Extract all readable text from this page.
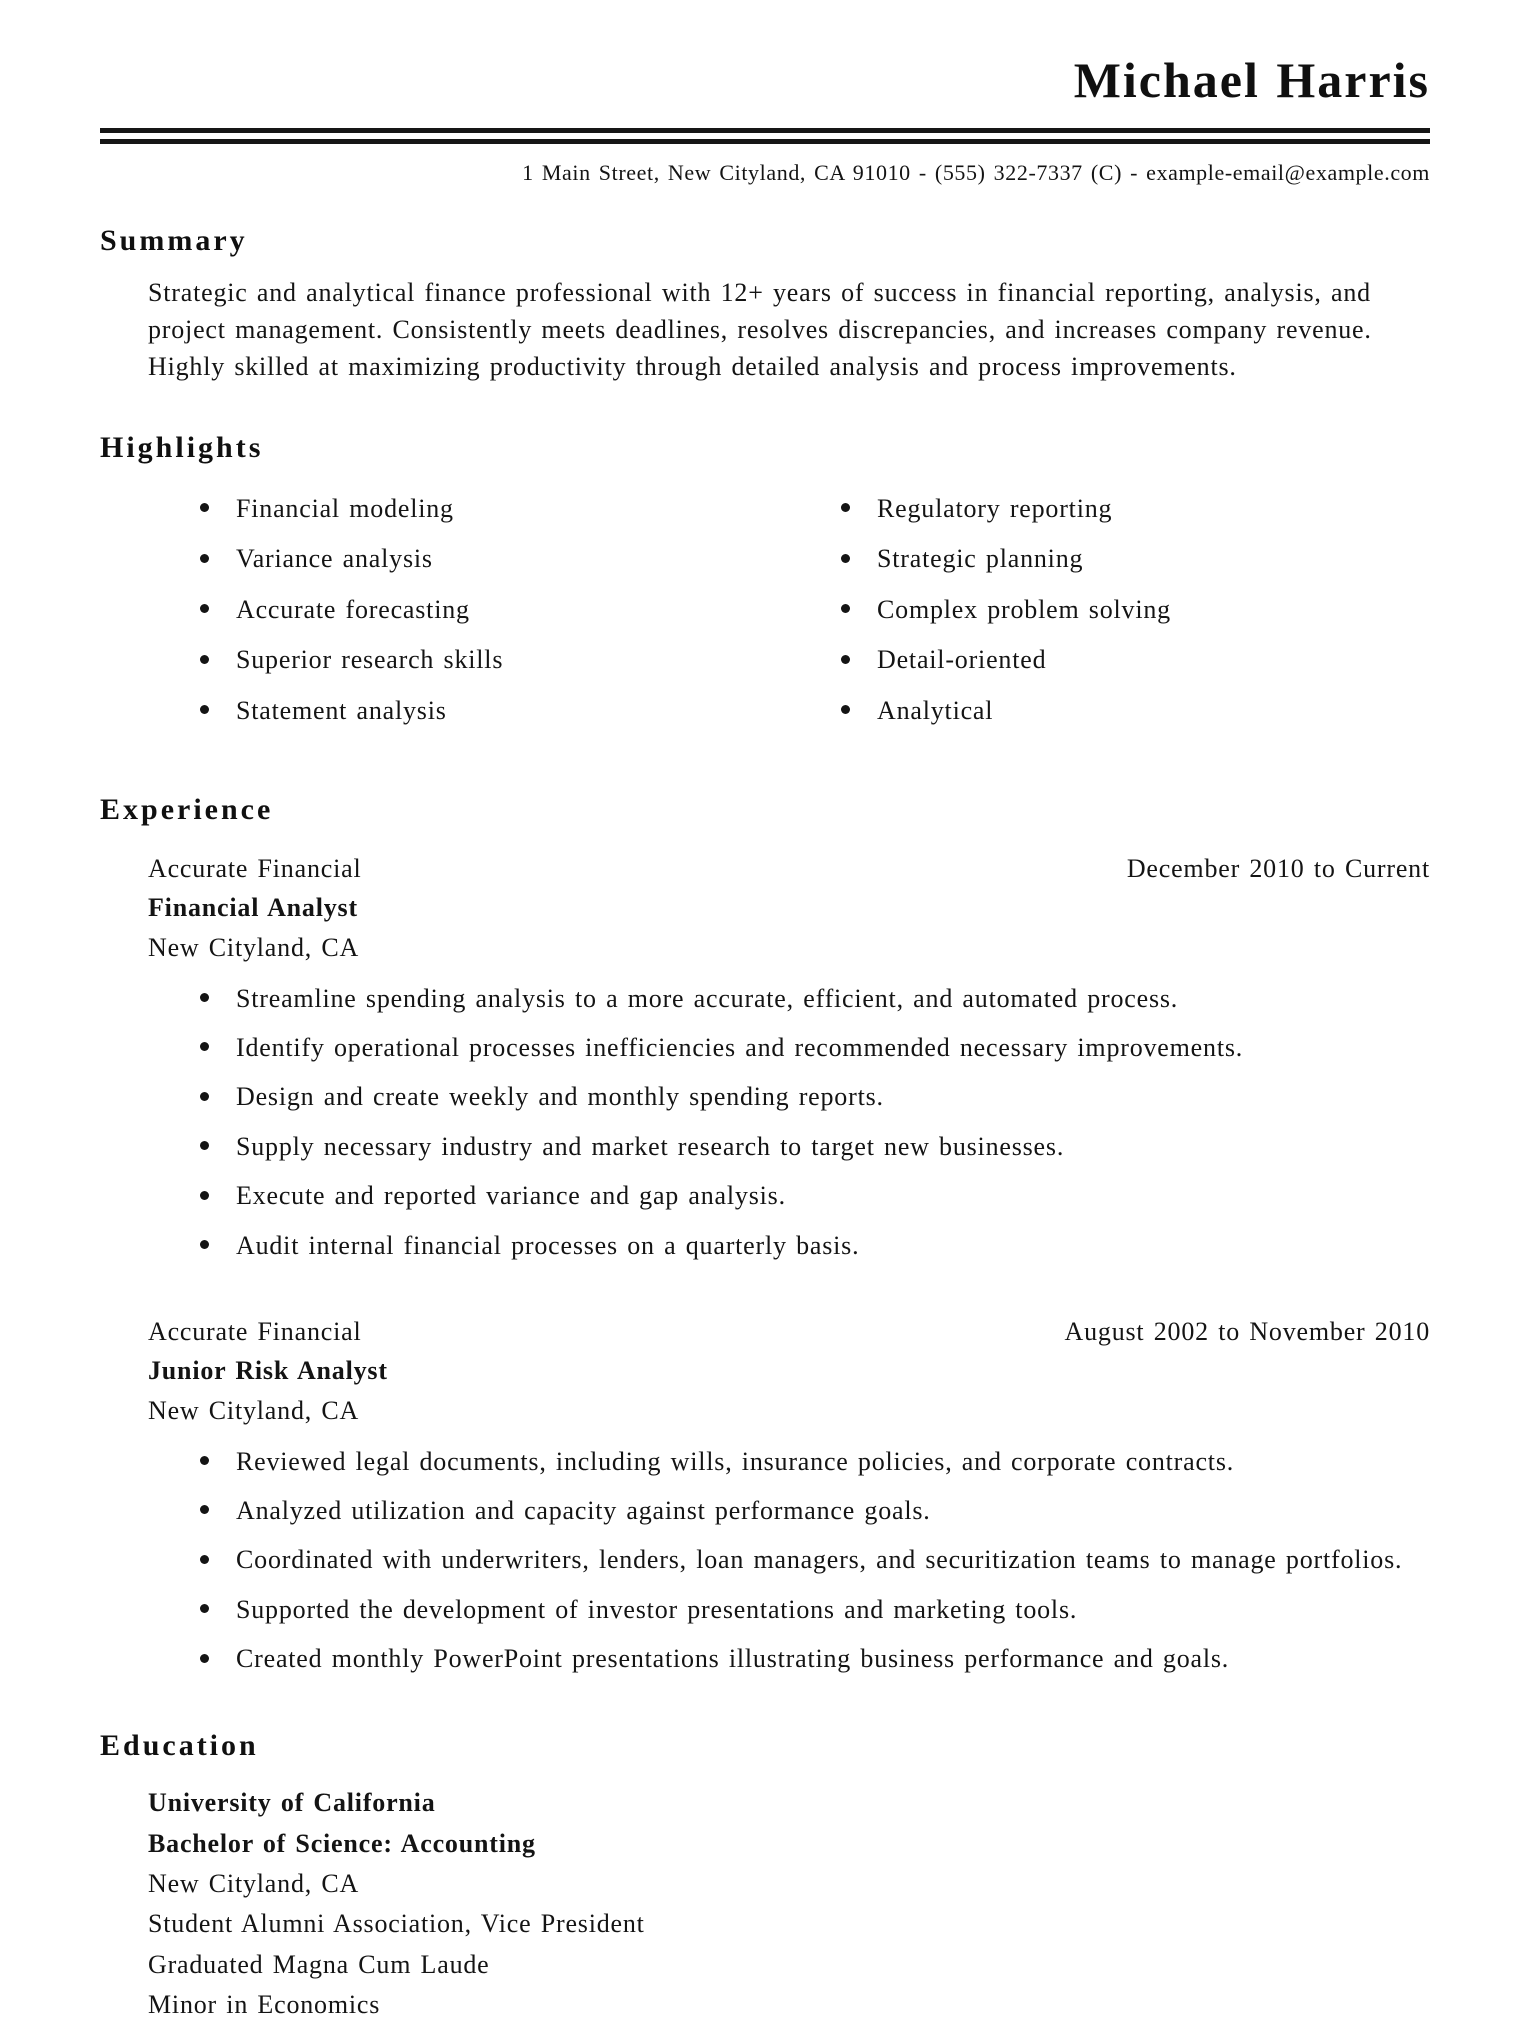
Michael Harris
1 Main Street, New Cityland, CA 91010 - (555) 322-7337 (C) - example-email@example.com
Summary

Strategic and analytical finance professional with 12+ years of success in financial reporting, analysis, and project management. Consistently meets deadlines, resolves discrepancies, and increases company revenue. Highly skilled at maximizing productivity through detailed analysis and process improvements.

Highlights
Financial modeling
Variance analysis
Accurate forecasting
Superior research skills
Statement analysis
Regulatory reporting
Strategic planning
Complex problem solving
Detail-oriented
Analytical
Experience
Accurate Financial	December 2010 to Current
Financial Analyst
New Cityland, CA
Streamline spending analysis to a more accurate, efficient, and automated process.
Identify operational processes inefficiencies and recommended necessary improvements.
Design and create weekly and monthly spending reports.
Supply necessary industry and market research to target new businesses.
Execute and reported variance and gap analysis.
Audit internal financial processes on a quarterly basis.
Accurate Financial	August 2002 to November 2010
Junior Risk Analyst
New Cityland, CA
Reviewed legal documents, including wills, insurance policies, and corporate contracts.
Analyzed utilization and capacity against performance goals.
Coordinated with underwriters, lenders, loan managers, and securitization teams to manage portfolios.
Supported the development of investor presentations and marketing tools.
Created monthly PowerPoint presentations illustrating business performance and goals.
Education
University of California
Bachelor of Science: Accounting
New Cityland, CA
Student Alumni Association, Vice President
Graduated Magna Cum Laude
Minor in Economics
